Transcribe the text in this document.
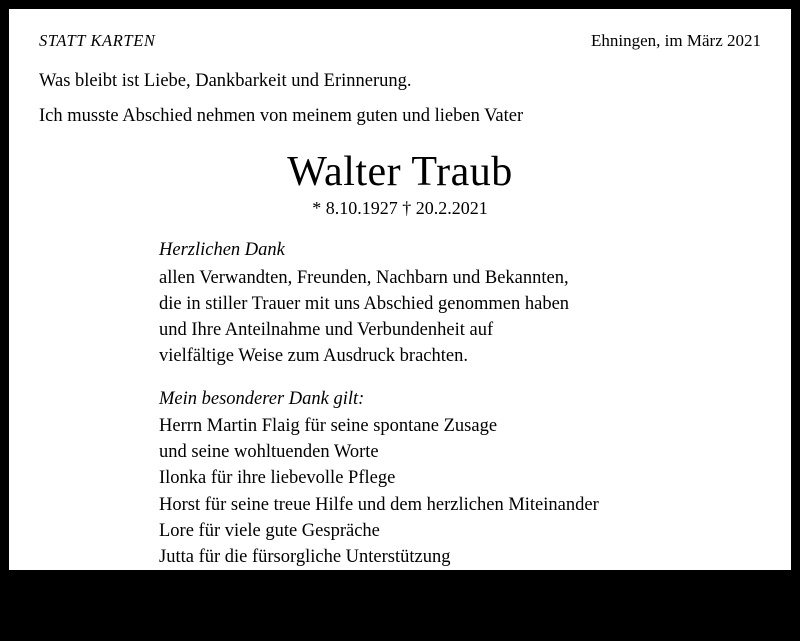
STATT KARTEN	Ehningen, im März 2021
Was bleibt ist Liebe, Dankbarkeit und Erinnerung.
Ich musste Abschied nehmen von meinem guten und lieben Vater
Walter Traub
* 8.10.1927 † 20.2.2021
Herzlichen Dank
allen Verwandten, Freunden, Nachbarn und Bekannten,
die in stiller Trauer mit uns Abschied genommen haben
und Ihre Anteilnahme und Verbundenheit auf
vielfältige Weise zum Ausdruck brachten.
Mein besonderer Dank gilt:
Herrn Martin Flaig für seine spontane Zusage
und seine wohltuenden Worte
Ilonka für ihre liebevolle Pflege
Horst für seine treue Hilfe und dem herzlichen Miteinander
Lore für viele gute Gespräche
Jutta für die fürsorgliche Unterstützung
dem Bestattungshaus Wilhelm Tafel für die einfühlsame Begleitung
Inge Traub
